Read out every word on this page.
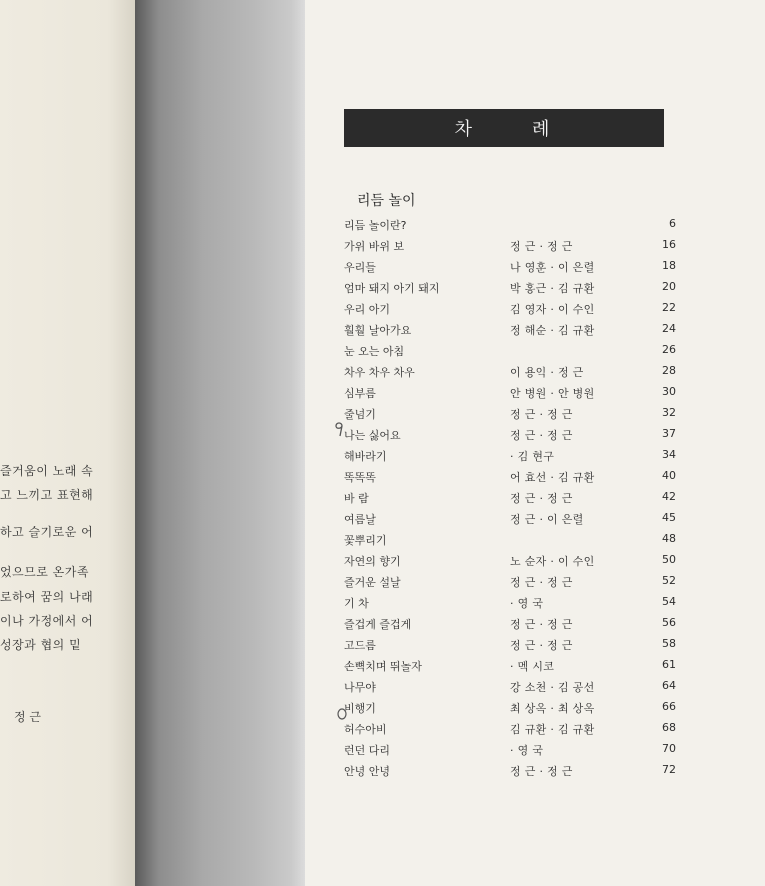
즐거움이 노래 속
고 느끼고 표현해
하고 슬기로운 어
었으므로 온가족
로하여 꿈의 나래
이나 가정에서 어
성장과 협의 밑
정 근
차	례
리듬 놀이
리듬 놀이란?	6
가위 바위 보	정 근 · 정 근	16
우리들	나 영훈 · 이 은렬	18
엄마 돼지 아기 돼지	박 홍근 · 김 규환	20
우리 아기	김 영자 · 이 수인	22
훨훨 날아가요	정 해순 · 김 규환	24
눈 오는 아침	26
차우 차우 차우	이 용익 · 정 근	28
심부름	안 병원 · 안 병원	30
줄넘기	정 근 · 정 근	32
나는 싫어요	정 근 · 정 근	37
해바라기	· 김 현구	34
똑똑똑	어 효선 · 김 규환	40
바 람	정 근 · 정 근	42
여름날	정 근 · 이 은렬	45
꽃뿌리기	48
자연의 향기	노 순자 · 이 수인	50
즐거운 설날	정 근 · 정 근	52
기 차	· 영 국	54
즐겁게 즐겁게	정 근 · 정 근	56
고드름	정 근 · 정 근	58
손뼉치며 뛰놀자	· 멕 시코	61
나무야	강 소천 · 김 공선	64
비행기	최 상옥 · 최 상옥	66
허수아비	김 규환 · 김 규환	68
런던 다리	· 영 국	70
안녕 안녕	정 근 · 정 근	72
